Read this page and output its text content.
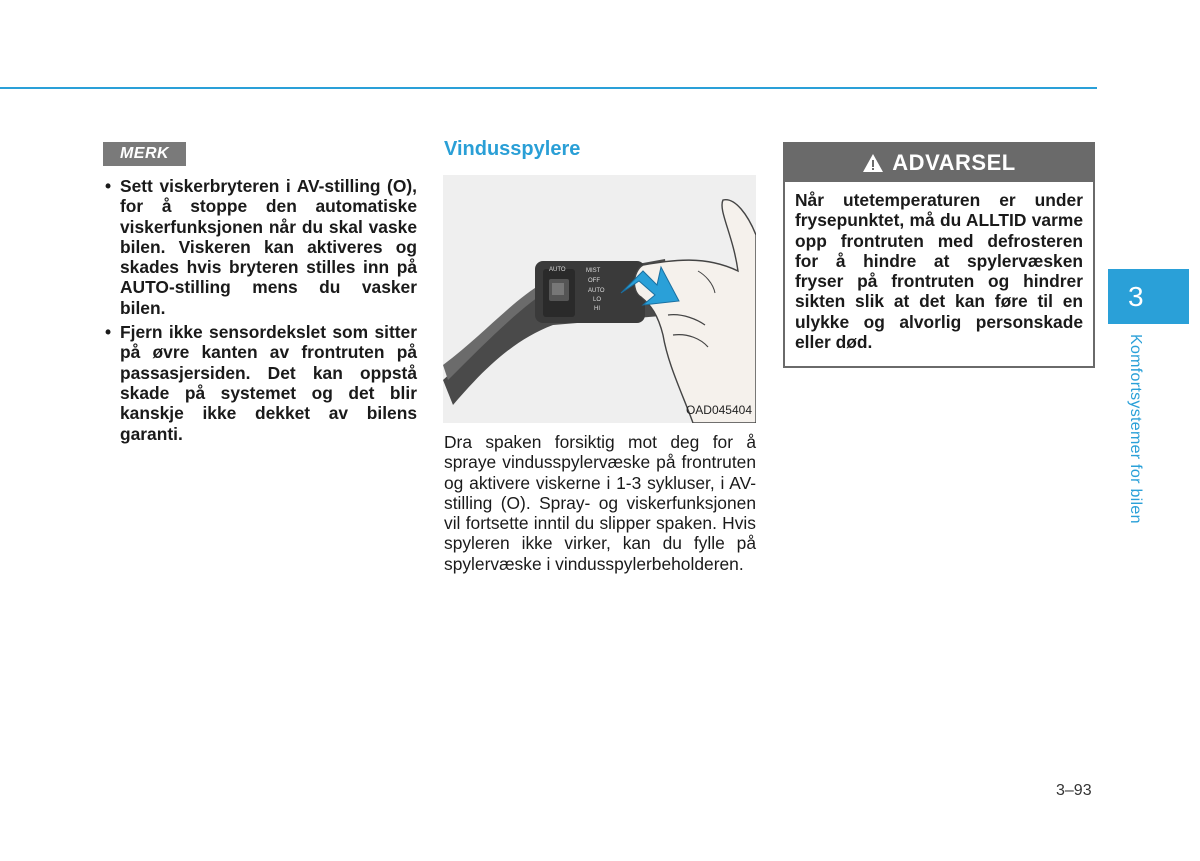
MERK
• Sett viskerbryteren i AV-stilling (O), for å stoppe den automatiske viskerfunksjonen når du skal vaske bilen. Viskeren kan aktiveres og skades hvis bryteren stilles inn på AUTO-stilling mens du vasker bilen.
• Fjern ikke sensordekslet som sitter på øvre kanten av frontruten på passasjersiden. Det kan oppstå skade på systemet og det blir kanskje ikke dekket av bilens garanti.
Vindusspylere
AUTO	MIST
OFF
AUTO
LO
HI
OAD045404

Dra spaken forsiktig mot deg for å spraye vindusspylervæske på frontruten og aktivere viskerne i 1-3 sykluser, i AV-stilling (O). Spray- og viskerfunksjonen vil fortsette inntil du slipper spaken. Hvis spyleren ikke virker, kan du fylle på spylervæske i vindusspylerbeholderen.

ADVARSEL

Når utetemperaturen er under frysepunktet, må du ALLTID varme opp frontruten med defrosteren for å hindre at spylervæsken fryser på frontruten og hindrer sikten slik at det kan føre til en ulykke og alvorlig personskade eller død.

3
Komfortsystemer for bilen
3–93
